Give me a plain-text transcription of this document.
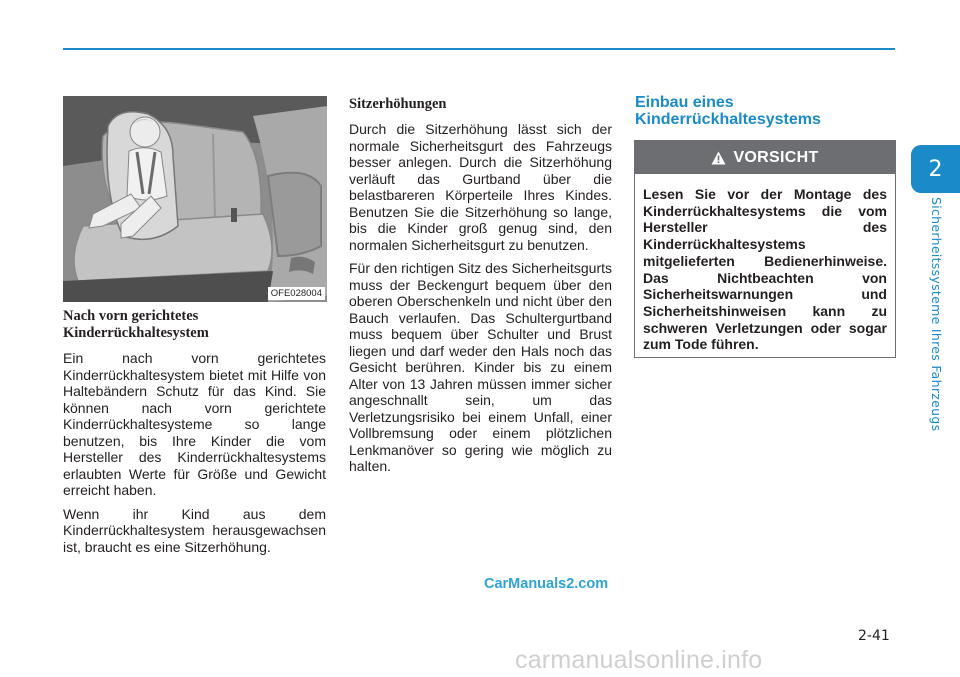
2
Sicherheitssysteme Ihres Fahrzeugs
OFE028004
Nach vorn gerichtetes
Kinderrückhaltesystem

Ein nach vorn gerichtetes Kinderrückhaltesystem bietet mit Hilfe von Haltebändern Schutz für das Kind. Sie können nach vorn gerichtete Kinderrückhaltesysteme so lange benutzen, bis Ihre Kinder die vom Hersteller des Kinderrückhaltesystems erlaubten Werte für Größe und Gewicht erreicht haben.

Wenn ihr Kind aus dem Kinderrückhaltesystem herausgewachsen ist, braucht es eine Sitzerhöhung.

Sitzerhöhungen

Durch die Sitzerhöhung lässt sich der normale Sicherheitsgurt des Fahrzeugs besser anlegen. Durch die Sitzerhöhung verläuft das Gurtband über die belastbareren Körperteile Ihres Kindes. Benutzen Sie die Sitzerhöhung so lange, bis die Kinder groß genug sind, den normalen Sicherheitsgurt zu benutzen.

Für den richtigen Sitz des Sicherheitsgurts muss der Beckengurt bequem über den oberen Oberschenkeln und nicht über den Bauch verlaufen. Das Schultergurtband muss bequem über Schulter und Brust liegen und darf weder den Hals noch das Gesicht berühren. Kinder bis zu einem Alter von 13 Jahren müssen immer sicher angeschnallt sein, um das Verletzungsrisiko bei einem Unfall, einer Vollbremsung oder einem plötzlichen Lenkmanöver so gering wie möglich zu halten.

Einbau eines
Kinderrückhaltesystems
VORSICHT
Lesen Sie vor der Montage des Kinderrückhaltesystems die vom Hersteller des Kinderrückhaltesystems mitgelieferten Bedienerhinweise. Das Nichtbeachten von Sicherheitswarnungen und Sicherheitshinweisen kann zu schweren Verletzungen oder sogar zum Tode führen.
CarManuals2.com
2-41
carmanualsonline.info
